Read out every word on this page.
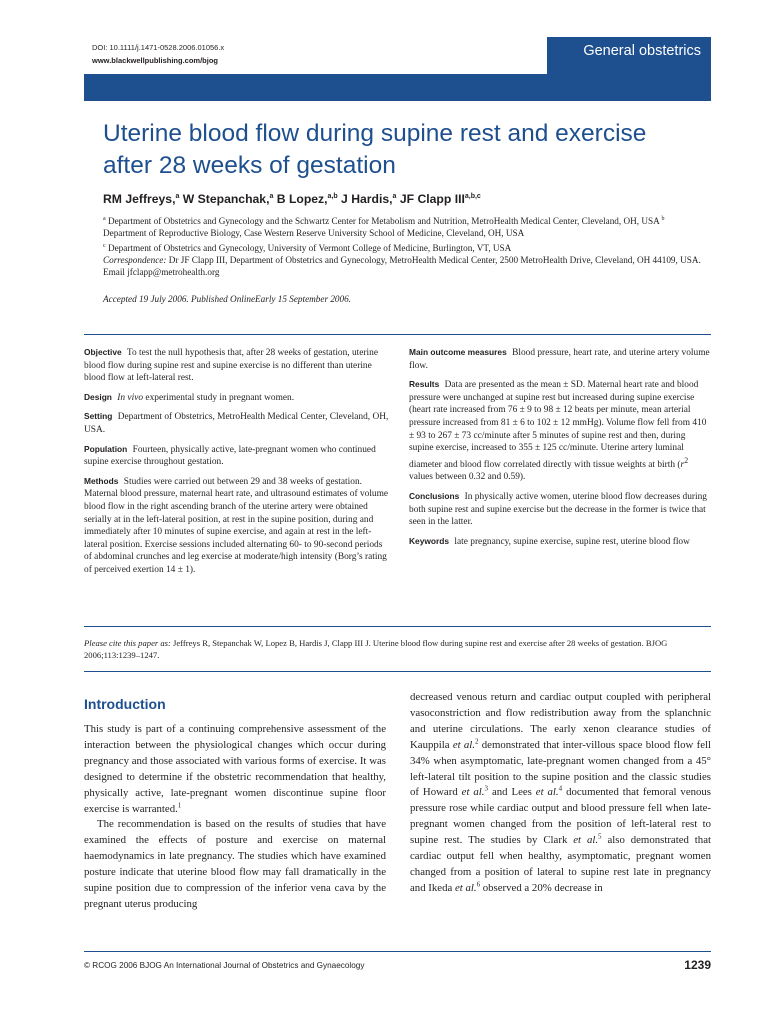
DOI: 10.1111/j.1471-0528.2006.01056.x
www.blackwellpublishing.com/bjog
General obstetrics
Uterine blood flow during supine rest and exercise after 28 weeks of gestation
RM Jeffreys,$^a$ W Stepanchak,$^a$ B Lopez,$^{a,b}$ J Hardis,$^a$ JF Clapp III$^{a,b,c}$
$^a$ Department of Obstetrics and Gynecology and the Schwartz Center for Metabolism and Nutrition, MetroHealth Medical Center, Cleveland, OH, USA $^b$ Department of Reproductive Biology, Case Western Reserve University School of Medicine, Cleveland, OH, USA
$^c$ Department of Obstetrics and Gynecology, University of Vermont College of Medicine, Burlington, VT, USA
Correspondence: Dr JF Clapp III, Department of Obstetrics and Gynecology, MetroHealth Medical Center, 2500 MetroHealth Drive, Cleveland, OH 44109, USA. Email jfclapp@metrohealth.org
Accepted 19 July 2006. Published OnlineEarly 15 September 2006.

Objective To test the null hypothesis that, after 28 weeks of gestation, uterine blood flow during supine rest and supine exercise is no different than uterine blood flow at left-lateral rest.

Design In vivo experimental study in pregnant women.

Setting Department of Obstetrics, MetroHealth Medical Center, Cleveland, OH, USA.

Population Fourteen, physically active, late-pregnant women who continued supine exercise throughout gestation.

Methods Studies were carried out between 29 and 38 weeks of gestation. Maternal blood pressure, maternal heart rate, and ultrasound estimates of volume blood flow in the right ascending branch of the uterine artery were obtained serially at in the left-lateral position, at rest in the supine position, during and immediately after 10 minutes of supine exercise, and again at rest in the left-lateral position. Exercise sessions included alternating 60- to 90-second periods of abdominal crunches and leg exercise at moderate/high intensity (Borg’s rating of perceived exertion 14 ± 1).

Main outcome measures Blood pressure, heart rate, and uterine artery volume flow.

Results Data are presented as the mean ± SD. Maternal heart rate and blood pressure were unchanged at supine rest but increased during supine exercise (heart rate increased from 76 ± 9 to 98 ± 12 beats per minute, mean arterial pressure increased from 81 ± 6 to 102 ± 12 mmHg). Volume flow fell from 410 ± 93 to 267 ± 73 cc/minute after 5 minutes of supine rest and then, during supine exercise, increased to 355 ± 125 cc/minute. Uterine artery luminal diameter and blood flow correlated directly with tissue weights at birth ($r^2$ values between 0.32 and 0.59).

Conclusions In physically active women, uterine blood flow decreases during both supine rest and supine exercise but the decrease in the former is twice that seen in the latter.

Keywords late pregnancy, supine exercise, supine rest, uterine blood flow

Please cite this paper as: Jeffreys R, Stepanchak W, Lopez B, Hardis J, Clapp III J. Uterine blood flow during supine rest and exercise after 28 weeks of gestation. BJOG 2006;113:1239–1247.
Introduction

This study is part of a continuing comprehensive assessment of the interaction between the physiological changes which occur during pregnancy and those associated with various forms of exercise. It was designed to determine if the obstetric recommendation that healthy, physically active, late-pregnant women discontinue supine floor exercise is warranted.$^1$

The recommendation is based on the results of studies that have examined the effects of posture and exercise on maternal haemodynamics in late pregnancy. The studies which have examined posture indicate that uterine blood flow may fall dramatically in the supine position due to compression of the inferior vena cava by the pregnant uterus producing

decreased venous return and cardiac output coupled with peripheral vasoconstriction and flow redistribution away from the splanchnic and uterine circulations. The early xenon clearance studies of Kauppila et al.$^2$ demonstrated that inter-villous space blood flow fell 34% when asymptomatic, late-pregnant women changed from a 45° left-lateral tilt position to the supine position and the classic studies of Howard et al.$^3$ and Lees et al.$^4$ documented that femoral venous pressure rose while cardiac output and blood pressure fell when late-pregnant women changed from the position of left-lateral rest to supine rest. The studies by Clark et al.$^5$ also demonstrated that cardiac output fell when healthy, asymptomatic, pregnant women changed from a position of lateral to supine rest late in pregnancy and Ikeda et al.$^6$ observed a 20% decrease in

© RCOG 2006 BJOG An International Journal of Obstetrics and Gynaecology	1239
